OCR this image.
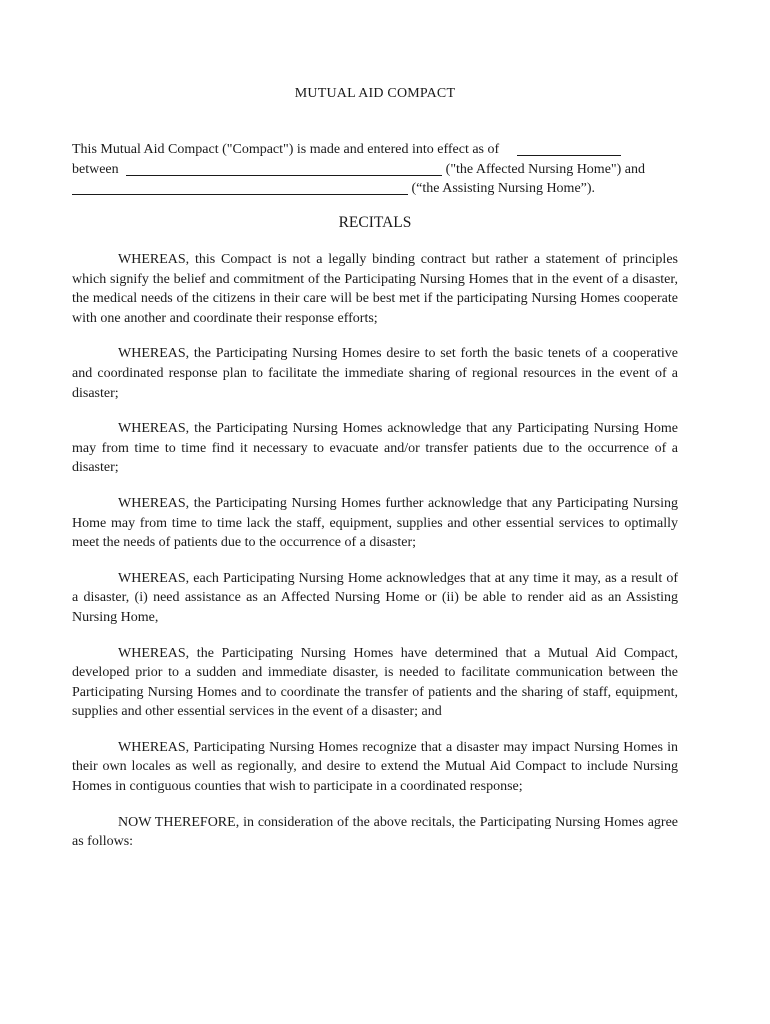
MUTUAL AID COMPACT
This Mutual Aid Compact ("Compact") is made and entered into effect as of
between	("the Affected Nursing Home") and
(“the Assisting Nursing Home”).
RECITALS

WHEREAS, this Compact is not a legally binding contract but rather a statement of principles which signify the belief and commitment of the Participating Nursing Homes that in the event of a disaster, the medical needs of the citizens in their care will be best met if the participating Nursing Homes cooperate with one another and coordinate their response efforts;

WHEREAS, the Participating Nursing Homes desire to set forth the basic tenets of a cooperative and coordinated response plan to facilitate the immediate sharing of regional resources in the event of a disaster;

WHEREAS, the Participating Nursing Homes acknowledge that any Participating Nursing Home may from time to time find it necessary to evacuate and/or transfer patients due to the occurrence of a disaster;

WHEREAS, the Participating Nursing Homes further acknowledge that any Participating Nursing Home may from time to time lack the staff, equipment, supplies and other essential services to optimally meet the needs of patients due to the occurrence of a disaster;

WHEREAS, each Participating Nursing Home acknowledges that at any time it may, as a result of a disaster, (i) need assistance as an Affected Nursing Home or (ii) be able to render aid as an Assisting Nursing Home,

WHEREAS, the Participating Nursing Homes have determined that a Mutual Aid Compact, developed prior to a sudden and immediate disaster, is needed to facilitate communication between the Participating Nursing Homes and to coordinate the transfer of patients and the sharing of staff, equipment, supplies and other essential services in the event of a disaster; and

WHEREAS, Participating Nursing Homes recognize that a disaster may impact Nursing Homes in their own locales as well as regionally, and desire to extend the Mutual Aid Compact to include Nursing Homes in contiguous counties that wish to participate in a coordinated response;

NOW THEREFORE, in consideration of the above recitals, the Participating Nursing Homes agree as follows:
